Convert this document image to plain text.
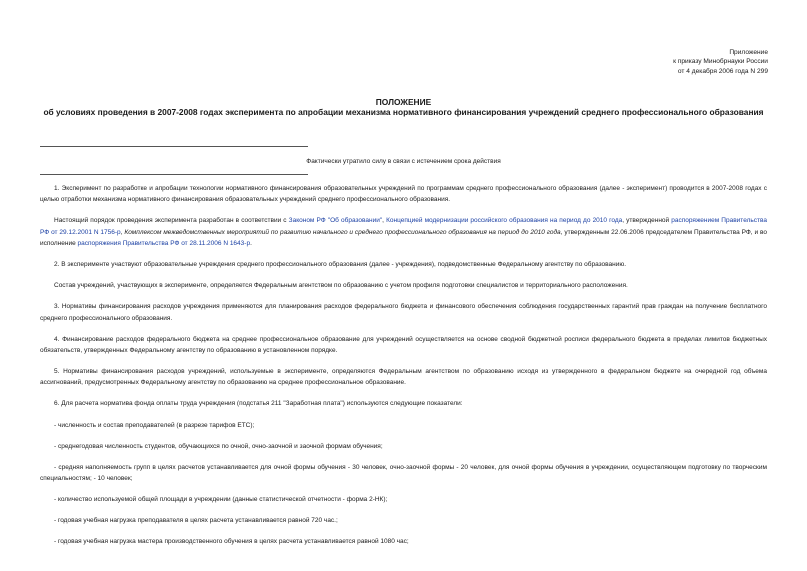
Приложение
к приказу Минобрнауки России
от 4 декабря 2006 года N 299
ПОЛОЖЕНИЕ
об условиях проведения в 2007-2008 годах эксперимента по апробации механизма нормативного финансирования учреждений среднего профессионального образования
Фактически утратило силу в связи с истечением срока действия

1. Эксперимент по разработке и апробации технологии нормативного финансирования образовательных учреждений по программам среднего профессионального образования (далее - эксперимент) проводится в 2007-2008 годах с целью отработки механизма нормативного финансирования образовательных учреждений среднего профессионального образования.

Настоящий порядок проведения эксперимента разработан в соответствии с Законом РФ "Об образовании", Концепцией модернизации российского образования на период до 2010 года, утвержденной распоряжением Правительства РФ от 29.12.2001 N 1756-р, Комплексом межведомственных мероприятий по развитию начального и среднего профессионального образования на период до 2010 года, утвержденным 22.06.2006 председателем Правительства РФ, и во исполнение распоряжения Правительства РФ от 28.11.2006 N 1643-р.

2. В эксперименте участвуют образовательные учреждения среднего профессионального образования (далее - учреждения), подведомственные Федеральному агентству по образованию.

Состав учреждений, участвующих в эксперименте, определяется Федеральным агентством по образованию с учетом профиля подготовки специалистов и территориального расположения.

3. Нормативы финансирования расходов учреждения применяются для планирования расходов федерального бюджета и финансового обеспечения соблюдения государственных гарантий прав граждан на получение бесплатного среднего профессионального образования.

4. Финансирование расходов федерального бюджета на среднее профессиональное образование для учреждений осуществляется на основе сводной бюджетной росписи федерального бюджета в пределах лимитов бюджетных обязательств, утвержденных Федеральному агентству по образованию в установленном порядке.

5. Нормативы финансирования расходов учреждений, используемые в эксперименте, определяются Федеральным агентством по образованию исходя из утвержденного в федеральном бюджете на очередной год объема ассигнований, предусмотренных Федеральному агентству по образованию на среднее профессиональное образование.

6. Для расчета норматива фонда оплаты труда учреждения (подстатья 211 "Заработная плата") используются следующие показатели:

- численность и состав преподавателей (в разрезе тарифов ЕТС);

- среднегодовая численность студентов, обучающихся по очной, очно-заочной и заочной формам обучения;

- средняя наполняемость групп в целях расчетов устанавливается для очной формы обучения - 30 человек, очно-заочной формы - 20 человек, для очной формы обучения в учреждении, осуществляющем подготовку по творческим специальностям; - 10 человек;

- количество используемой общей площади в учреждении (данные статистической отчетности - форма 2-НК);

- годовая учебная нагрузка преподавателя в целях расчета устанавливается равной 720 час.;

- годовая учебная нагрузка мастера производственного обучения в целях расчета устанавливается равной 1080 час;
